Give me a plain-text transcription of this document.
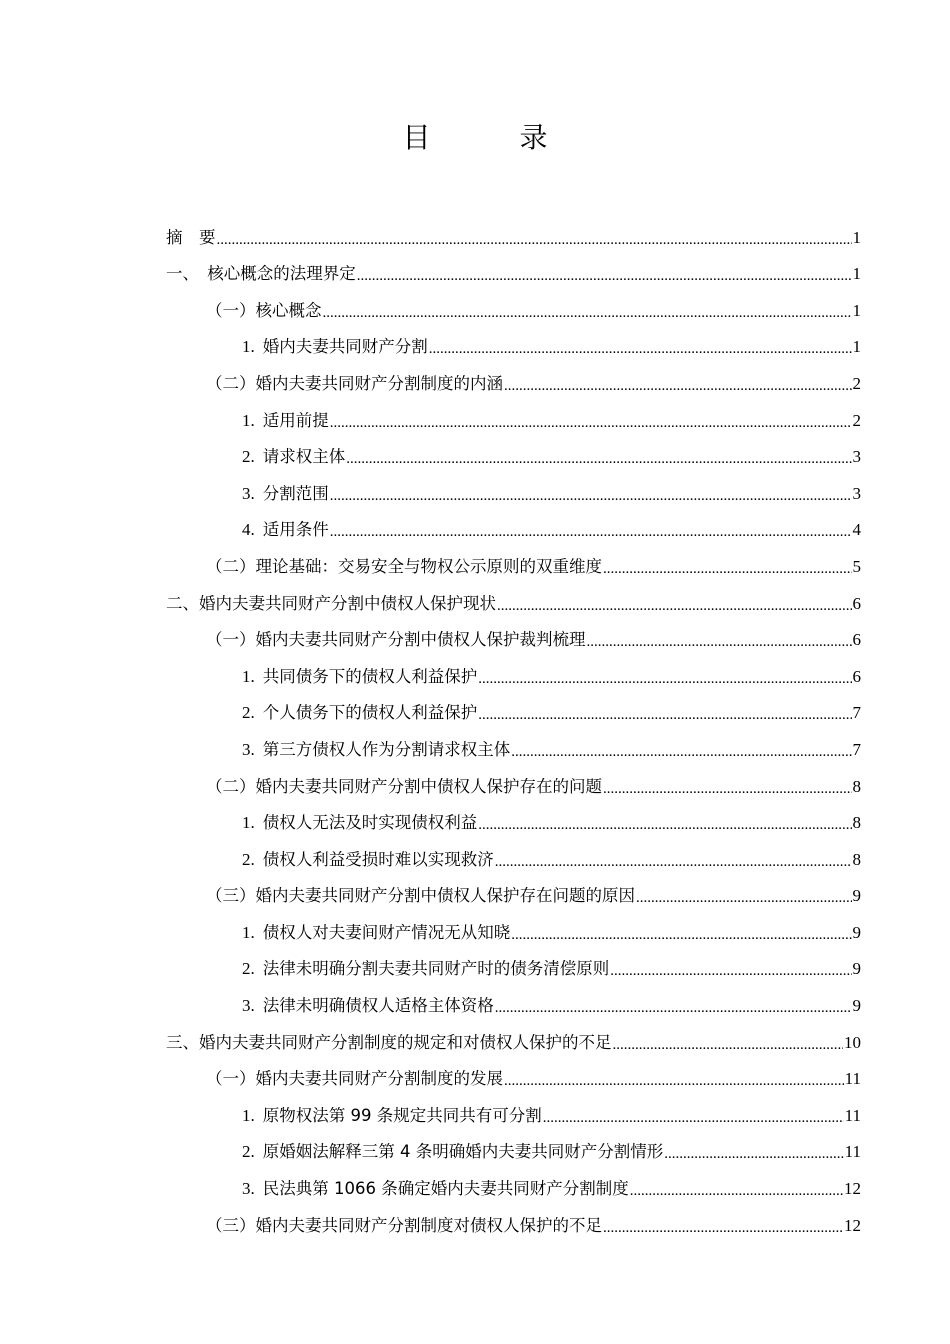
目 录
摘　要 .....	1
一、　核心概念的法理界定 .....	1
（一）核心概念 .....	1
1. 婚内夫妻共同财产分割 .....	1
（二）婚内夫妻共同财产分割制度的内涵 .....	2
1. 适用前提 .....	2
2. 请求权主体 .....	3
3. 分割范围 .....	3
4. 适用条件 .....	4
（二）理论基础：交易安全与物权公示原则的双重维度 .....	5
二、婚内夫妻共同财产分割中债权人保护现状 .....	6
（一）婚内夫妻共同财产分割中债权人保护裁判梳理 .....	6
1. 共同债务下的债权人利益保护 .....	6
2. 个人债务下的债权人利益保护 .....	7
3. 第三方债权人作为分割请求权主体 .....	7
（二）婚内夫妻共同财产分割中债权人保护存在的问题 .....	8
1. 债权人无法及时实现债权利益 .....	8
2. 债权人利益受损时难以实现救济 .....	8
（三）婚内夫妻共同财产分割中债权人保护存在问题的原因 .....	9
1. 债权人对夫妻间财产情况无从知晓 .....	9
2. 法律未明确分割夫妻共同财产时的债务清偿原则 .....	9
3. 法律未明确债权人适格主体资格 .....	9
三、婚内夫妻共同财产分割制度的规定和对债权人保护的不足 .....	10
（一）婚内夫妻共同财产分割制度的发展 .....	11
1. 原物权法第 99 条规定共同共有可分割 .....	11
2. 原婚姻法解释三第 4 条明确婚内夫妻共同财产分割情形 .....	11
3. 民法典第 1066 条确定婚内夫妻共同财产分割制度 .....	12
（三）婚内夫妻共同财产分割制度对债权人保护的不足 .....	12
